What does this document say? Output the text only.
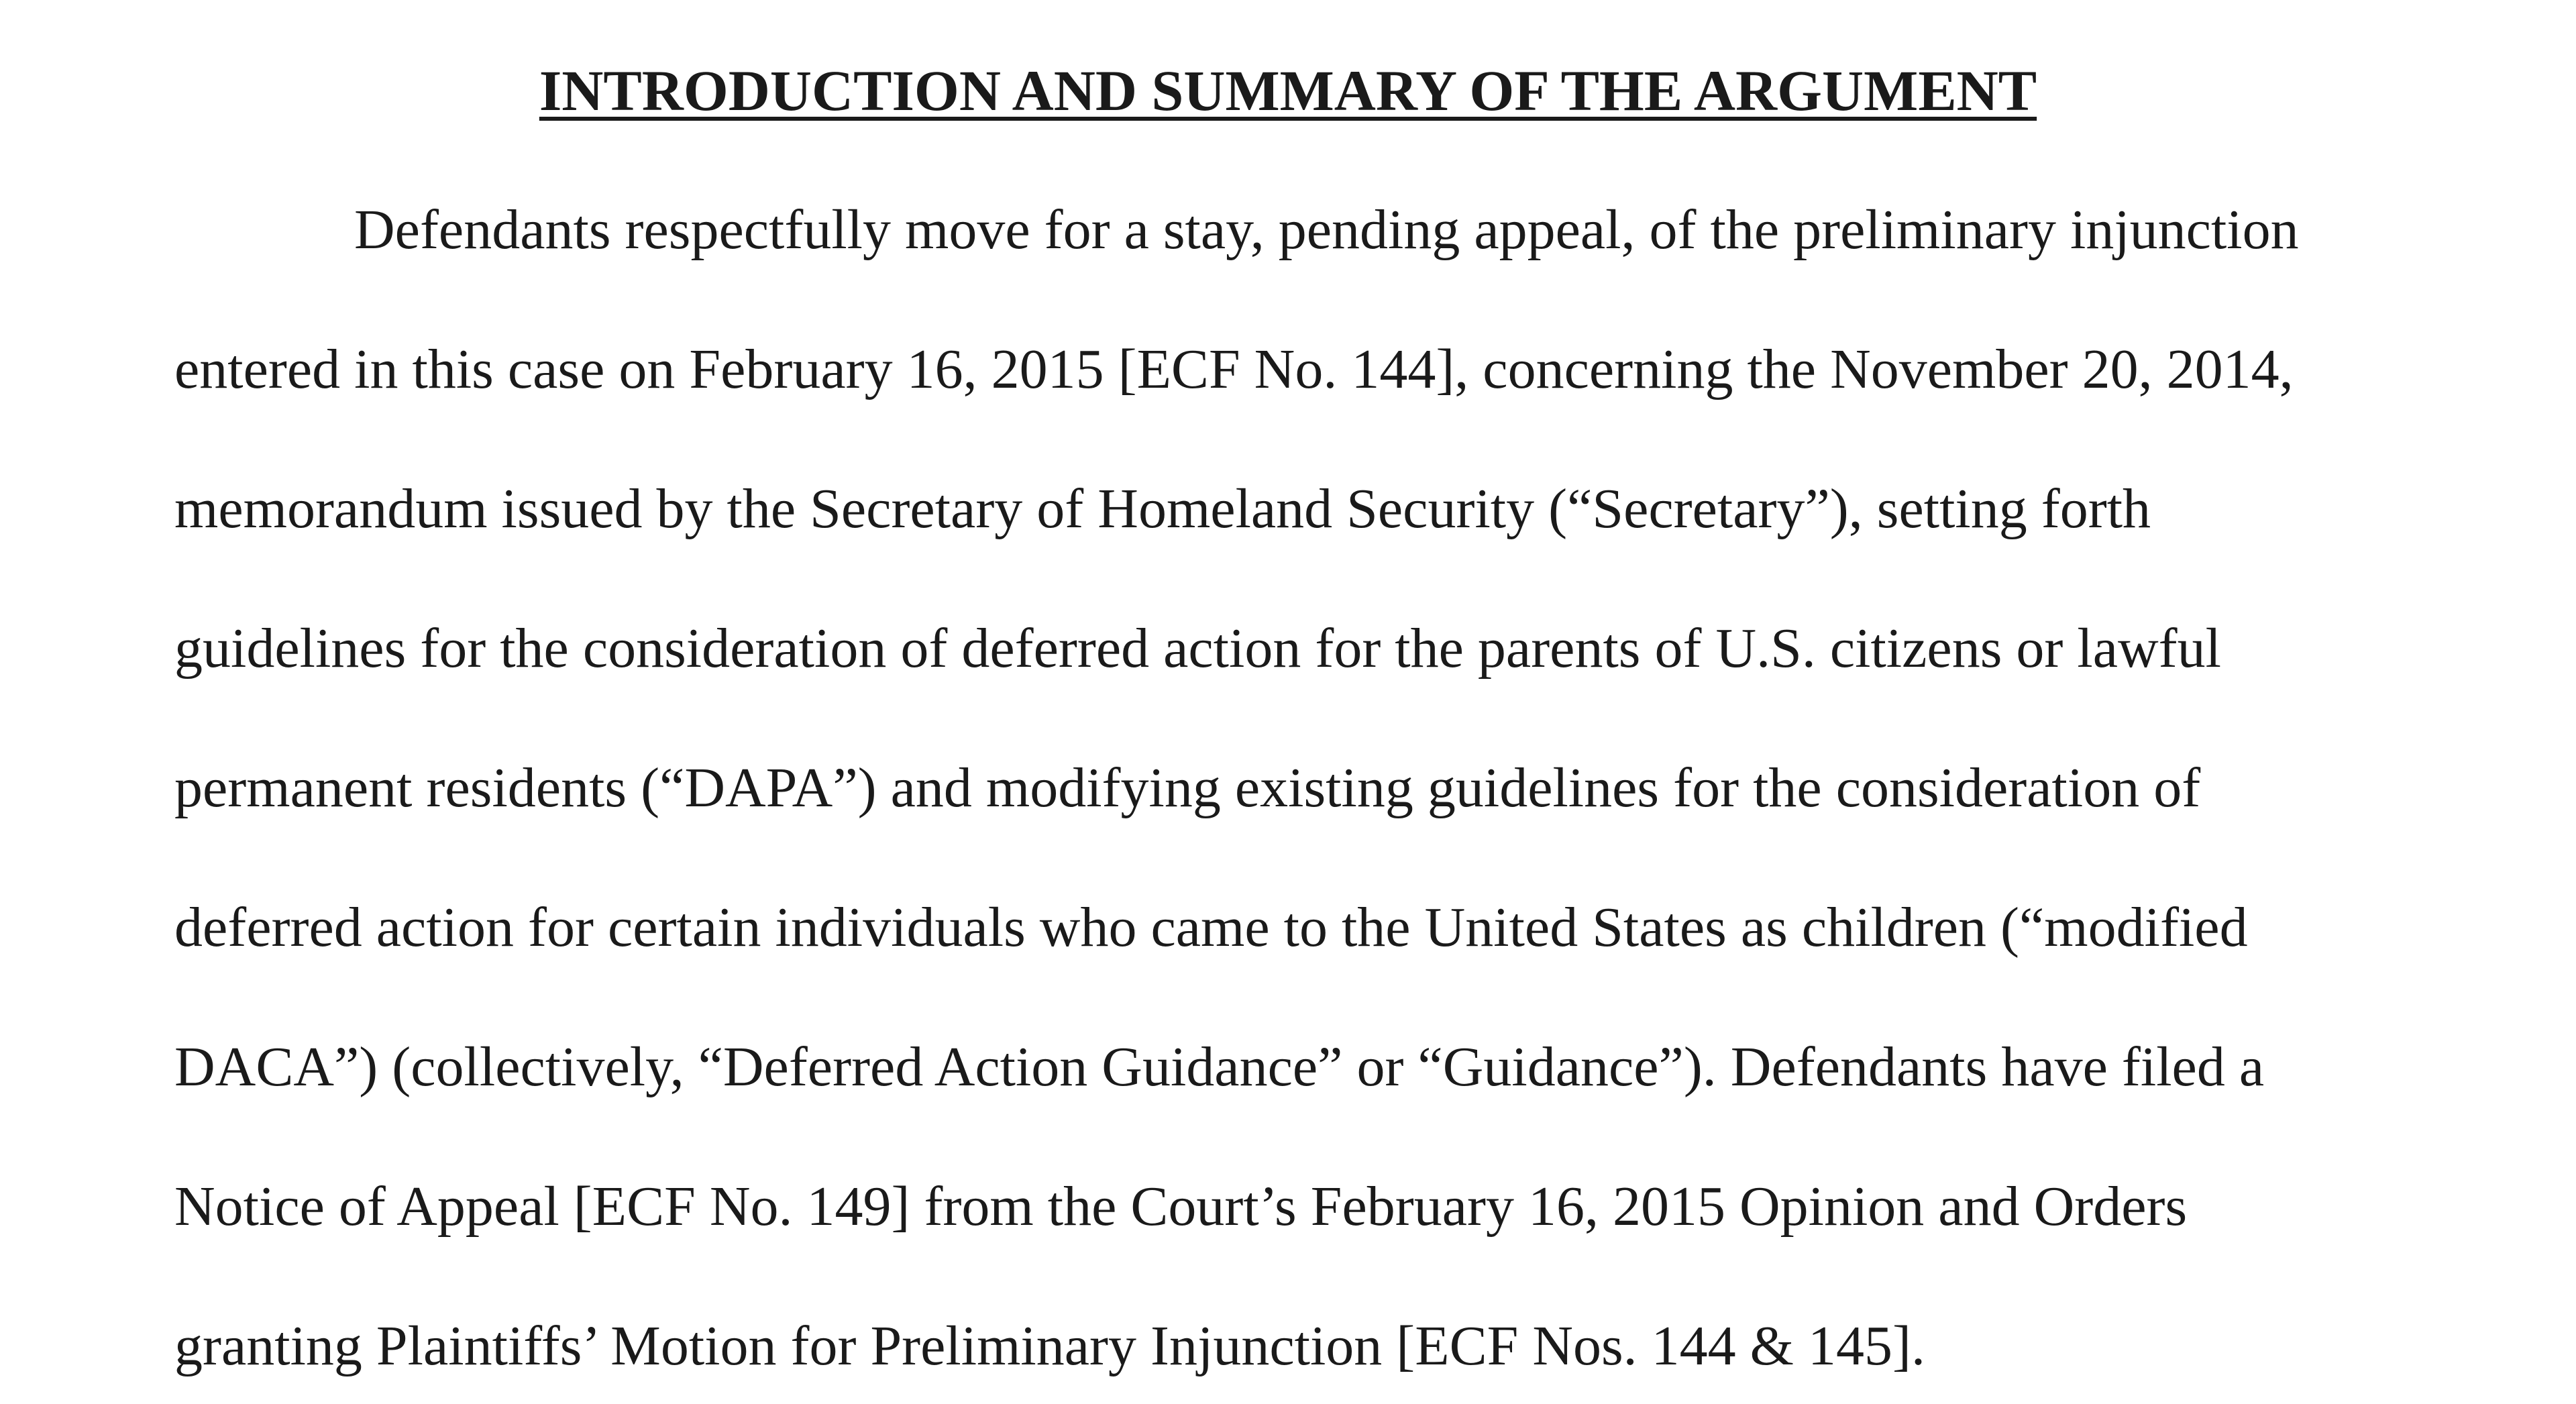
INTRODUCTION AND SUMMARY OF THE ARGUMENT
Defendants respectfully move for a stay, pending appeal, of the preliminary injunction
entered in this case on February 16, 2015 [ECF No. 144], concerning the November 20, 2014,
memorandum issued by the Secretary of Homeland Security (“Secretary”), setting forth
guidelines for the consideration of deferred action for the parents of U.S. citizens or lawful
permanent residents (“DAPA”) and modifying existing guidelines for the consideration of
deferred action for certain individuals who came to the United States as children (“modified
DACA”) (collectively, “Deferred Action Guidance” or “Guidance”). Defendants have filed a
Notice of Appeal [ECF No. 149] from the Court’s February 16, 2015 Opinion and Orders
granting Plaintiffs’ Motion for Preliminary Injunction [ECF Nos. 144 & 145].
